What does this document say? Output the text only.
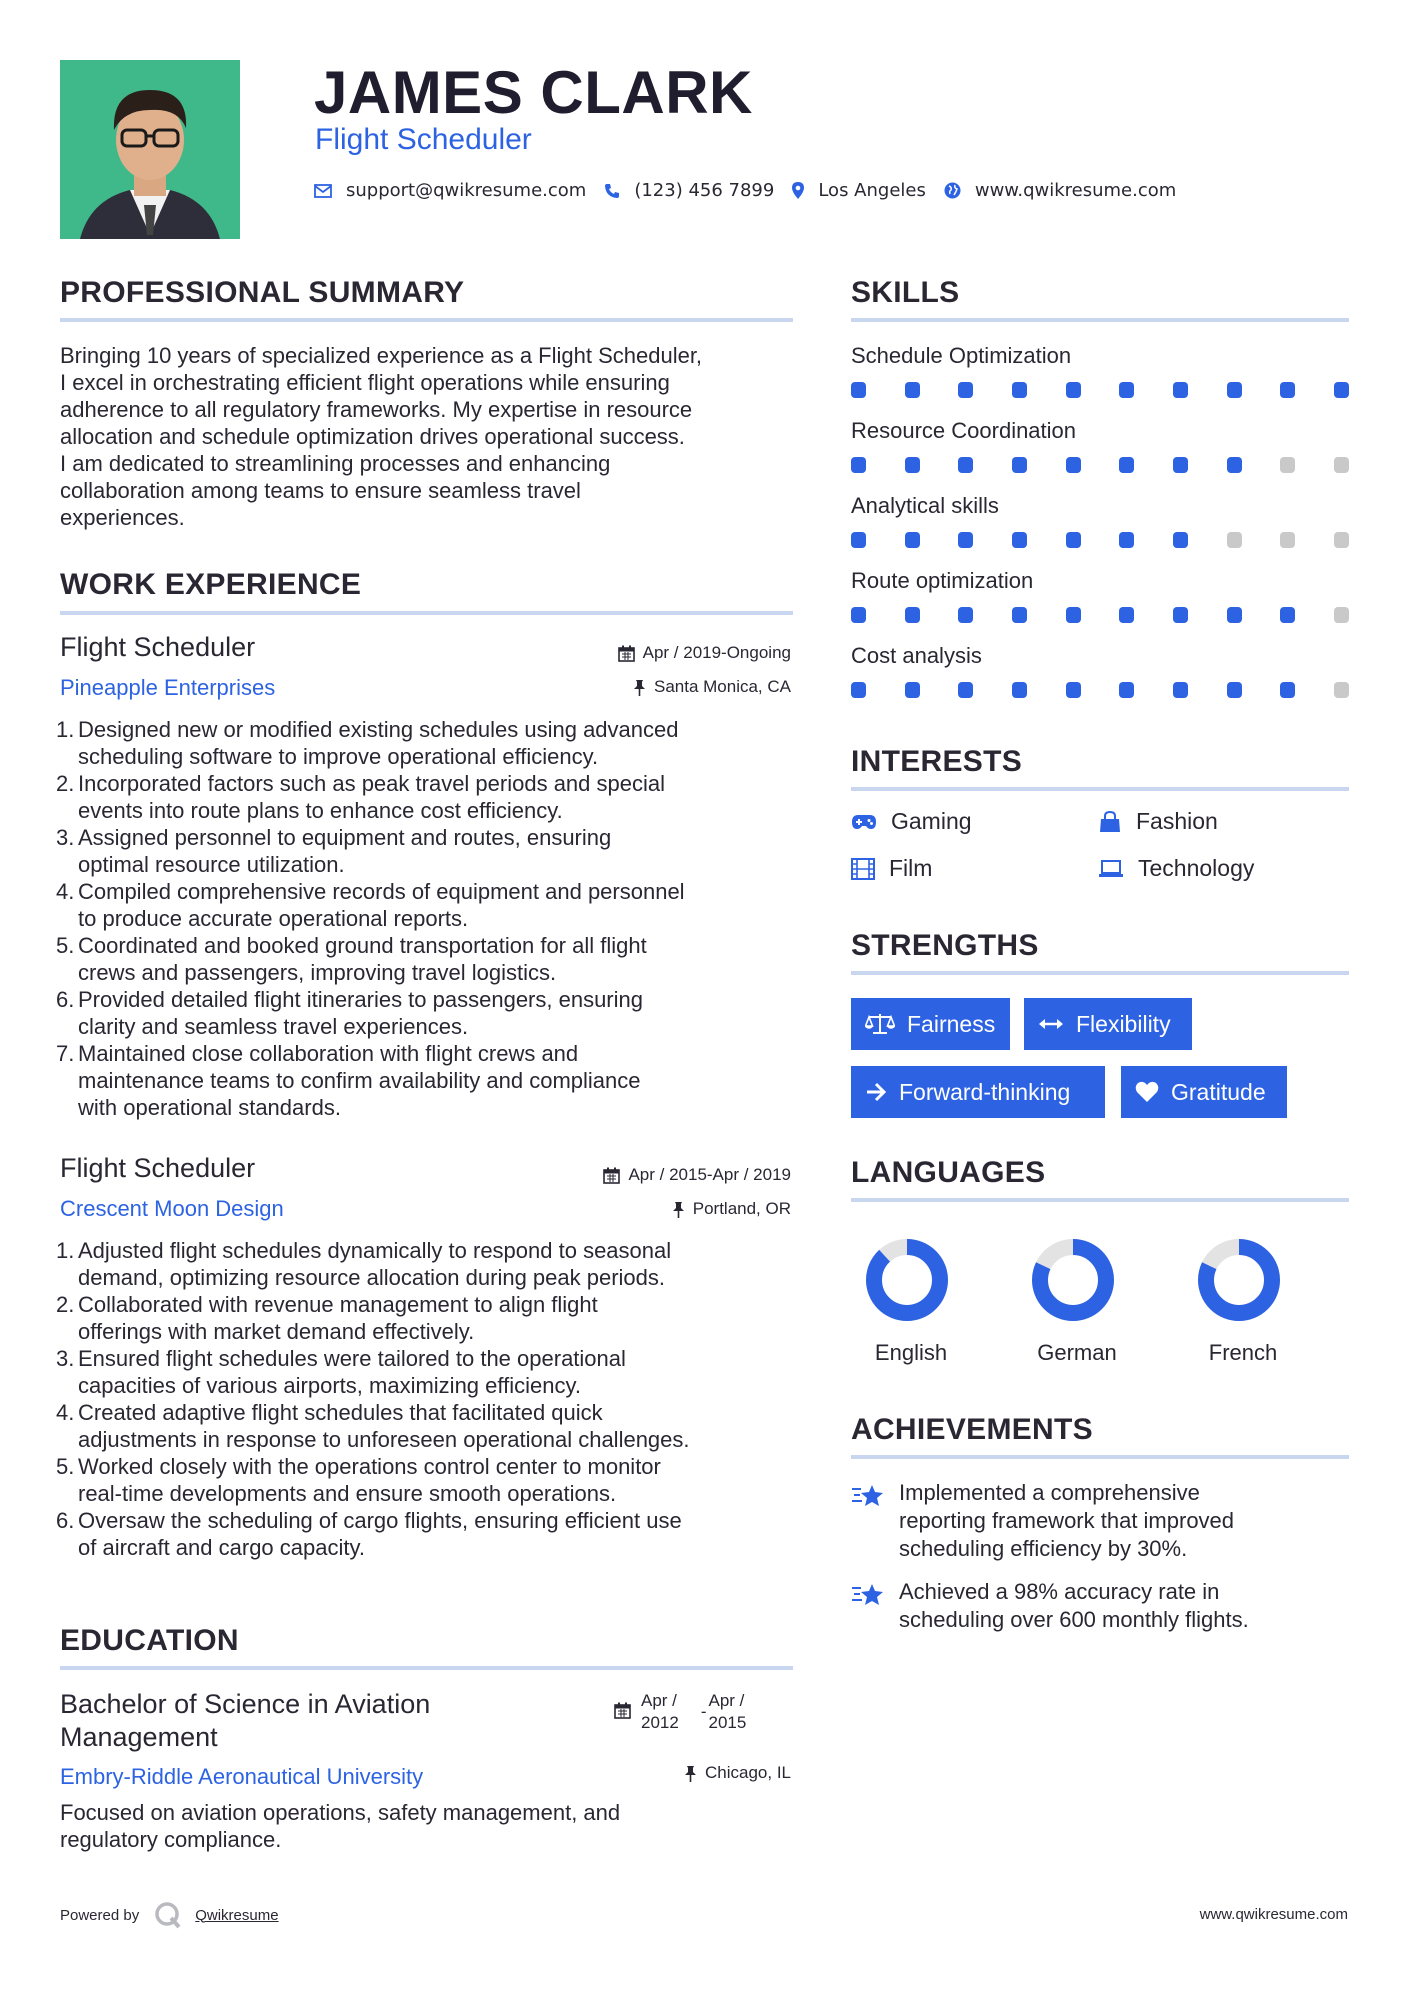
JAMES CLARK
Flight Scheduler
support@qwikresume.com	(123) 456 7899 Los Angeles	www.qwikresume.com
PROFESSIONAL SUMMARY
Bringing 10 years of specialized experience as a Flight Scheduler,
I excel in orchestrating efficient flight operations while ensuring
adherence to all regulatory frameworks. My expertise in resource
allocation and schedule optimization drives operational success.
I am dedicated to streamlining processes and enhancing
collaboration among teams to ensure seamless travel
experiences.
WORK EXPERIENCE
Flight Scheduler
Pineapple Enterprises
Apr / 2019-Ongoing
Santa Monica, CA
1. Designed new or modified existing schedules using advanced
scheduling software to improve operational efficiency.
2. Incorporated factors such as peak travel periods and special
events into route plans to enhance cost efficiency.
3. Assigned personnel to equipment and routes, ensuring
optimal resource utilization.
4. Compiled comprehensive records of equipment and personnel
to produce accurate operational reports.
5. Coordinated and booked ground transportation for all flight
crews and passengers, improving travel logistics.
6. Provided detailed flight itineraries to passengers, ensuring
clarity and seamless travel experiences.
7. Maintained close collaboration with flight crews and
maintenance teams to confirm availability and compliance
with operational standards.
Flight Scheduler
Crescent Moon Design
Apr / 2015-Apr / 2019
Portland, OR
1. Adjusted flight schedules dynamically to respond to seasonal
demand, optimizing resource allocation during peak periods.
2. Collaborated with revenue management to align flight
offerings with market demand effectively.
3. Ensured flight schedules were tailored to the operational
capacities of various airports, maximizing efficiency.
4. Created adaptive flight schedules that facilitated quick
adjustments in response to unforeseen operational challenges.
5. Worked closely with the operations control center to monitor
real-time developments and ensure smooth operations.
6. Oversaw the scheduling of cargo flights, ensuring efficient use
of aircraft and cargo capacity.
EDUCATION
Bachelor of Science in Aviation
Management
Embry-Riddle Aeronautical University
Apr /
2012
-
Apr /
2015
Chicago, IL
Focused on aviation operations, safety management, and
regulatory compliance.
SKILLS
Schedule Optimization
Resource Coordination
Analytical skills
Route optimization
Cost analysis
INTERESTS
Gaming	Fashion
Film	Technology
STRENGTHS
Fairness	Flexibility
Forward-thinking	Gratitude
LANGUAGES
English	German	French
ACHIEVEMENTS
Implemented a comprehensive
reporting framework that improved
scheduling efficiency by 30%.
Achieved a 98% accuracy rate in
scheduling over 600 monthly flights.
Powered by	Qwikresume	www.qwikresume.com
